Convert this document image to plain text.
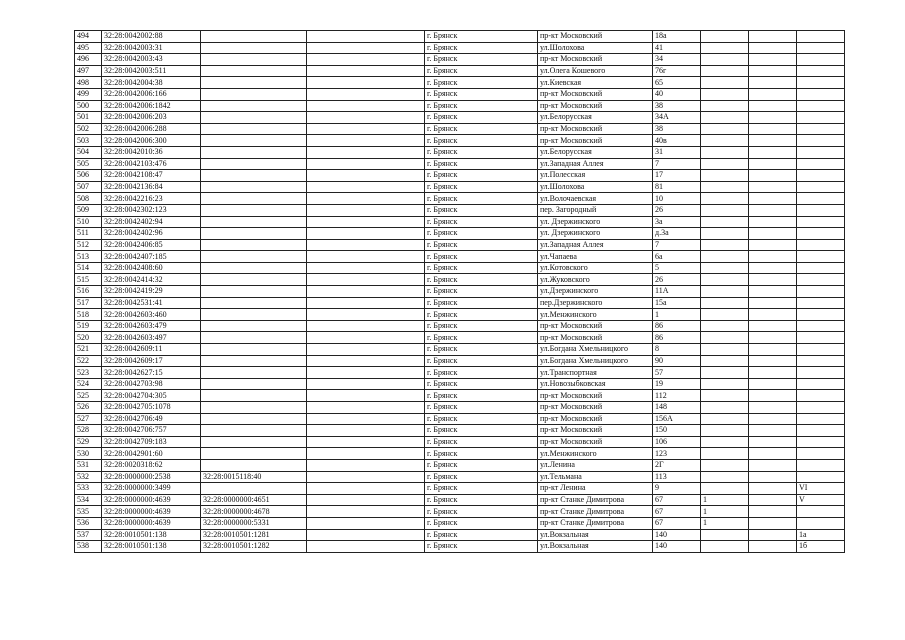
494	32:28:0042002:88			г. Брянск	пр-кт Московский	18а			
495	32:28:0042003:31			г. Брянск	ул.Шолохова	41			
496	32:28:0042003:43			г. Брянск	пр-кт Московский	34			
497	32:28:0042003:511			г. Брянск	ул.Олега Кошевого	76г			
498	32:28:0042004:38			г. Брянск	ул.Киевская	65			
499	32:28:0042006:166			г. Брянск	пр-кт Московский	40			
500	32:28:0042006:1842			г. Брянск	пр-кт Московский	38			
501	32:28:0042006:203			г. Брянск	ул.Белорусская	34А			
502	32:28:0042006:288			г. Брянск	пр-кт Московский	38			
503	32:28:0042006:300			г. Брянск	пр-кт Московский	40в			
504	32:28:0042010:36			г. Брянск	ул.Белорусская	31			
505	32:28:0042103:476			г. Брянск	ул.Западная Аллея	7			
506	32:28:0042108:47			г. Брянск	ул.Полесская	17			
507	32:28:0042136:84			г. Брянск	ул.Шолохова	81			
508	32:28:0042216:23			г. Брянск	ул.Волочаевская	10			
509	32:28:0042302:123			г. Брянск	пер. Загородный	26			
510	32:28:0042402:94			г. Брянск	ул. Дзержинского	3а			
511	32:28:0042402:96			г. Брянск	ул. Дзержинского	д.3а			
512	32:28:0042406:85			г. Брянск	ул.Западная Аллея	7			
513	32:28:0042407:185			г. Брянск	ул.Чапаева	6а			
514	32:28:0042408:60			г. Брянск	ул.Котовского	5			
515	32:28:0042414:32			г. Брянск	ул.Жуковского	26			
516	32:28:0042419:29			г. Брянск	ул.Дзержинского	11А			
517	32:28:0042531:41			г. Брянск	пер.Дзержинского	15а			
518	32:28:0042603:460			г. Брянск	ул.Менжинского	1			
519	32:28:0042603:479			г. Брянск	пр-кт Московский	86			
520	32:28:0042603:497			г. Брянск	пр-кт Московский	86			
521	32:28:0042609:11			г. Брянск	ул.Богдана Хмельницкого	8			
522	32:28:0042609:17			г. Брянск	ул.Богдана Хмельницкого	90			
523	32:28:0042627:15			г. Брянск	ул.Транспортная	57			
524	32:28:0042703:98			г. Брянск	ул.Новозыбковская	19			
525	32:28:0042704:305			г. Брянск	пр-кт Московский	112			
526	32:28:0042705:1078			г. Брянск	пр-кт Московский	148			
527	32:28:0042706:49			г. Брянск	пр-кт Московский	156А			
528	32:28:0042706:757			г. Брянск	пр-кт Московский	150			
529	32:28:0042709:183			г. Брянск	пр-кт Московский	106			
530	32:28:0042901:60			г. Брянск	ул.Менжинского	123			
531	32:28:0020318:62			г. Брянск	ул.Ленина	2Г			
532	32:28:0000000:2538	32:28:0015118:40		г. Брянск	ул.Тельмана	113			
533	32:28:0000000:3499			г. Брянск	пр-кт Ленина	9			VI
534	32:28:0000000:4639	32:28:0000000:4651		г. Брянск	пр-кт Станке Димитрова	67	1		V
535	32:28:0000000:4639	32:28:0000000:4678		г. Брянск	пр-кт Станке Димитрова	67	1		
536	32:28:0000000:4639	32:28:0000000:5331		г. Брянск	пр-кт Станке Димитрова	67	1		
537	32:28:0010501:138	32:28:0010501:1281		г. Брянск	ул.Вокзальная	140			1а
538	32:28:0010501:138	32:28:0010501:1282		г. Брянск	ул.Вокзальная	140			1б
